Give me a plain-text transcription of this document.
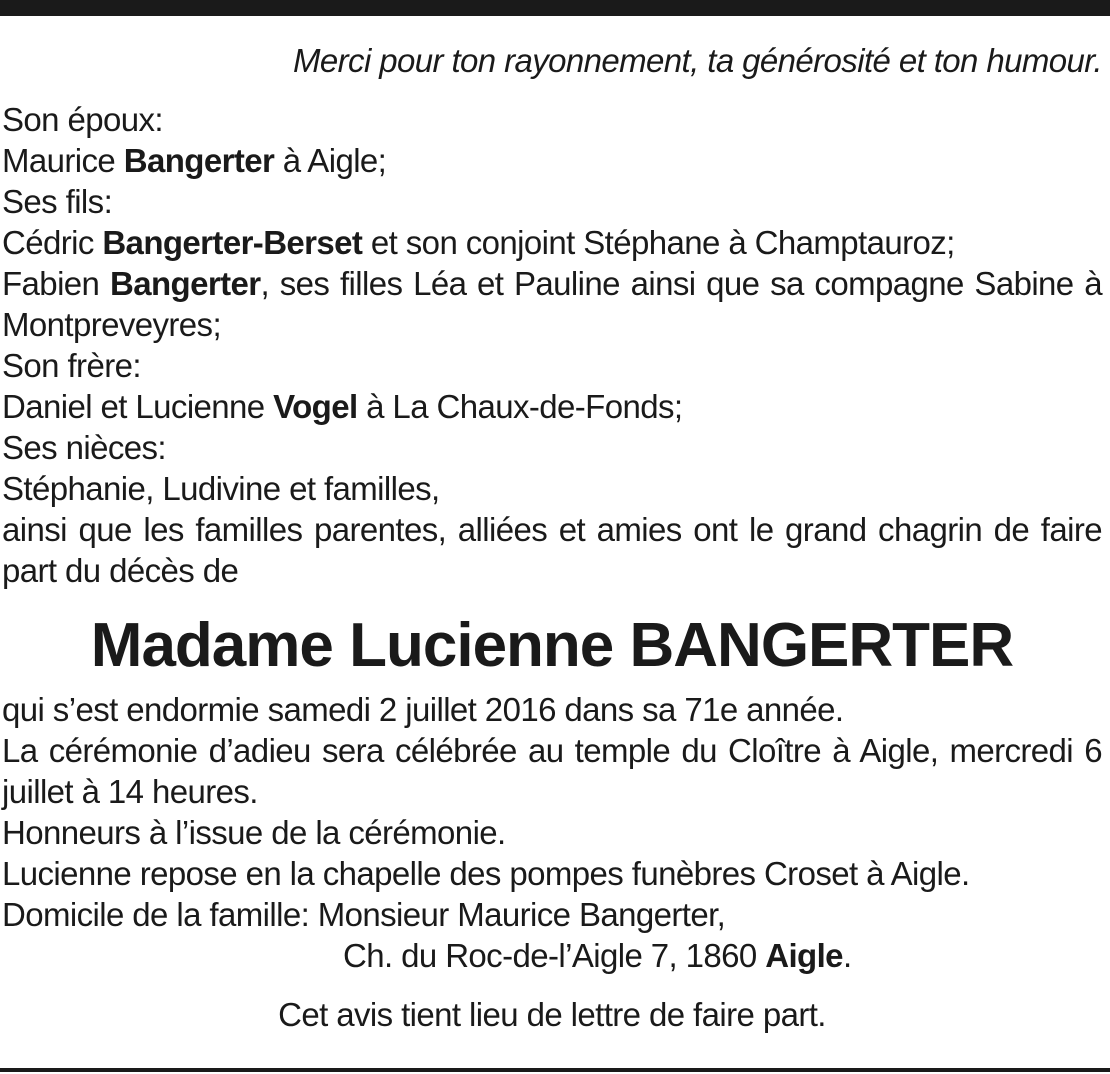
Merci pour ton rayonnement, ta générosité et ton humour.

Son époux:

Maurice Bangerter à Aigle;

Ses fils:

Cédric Bangerter-Berset et son conjoint Stéphane à Champtauroz;

Fabien Bangerter, ses filles Léa et Pauline ainsi que sa compagne Sabine à Montpreveyres;

Son frère:

Daniel et Lucienne Vogel à La Chaux-de-Fonds;

Ses nièces:

Stéphanie, Ludivine et familles,

ainsi que les familles parentes, alliées et amies ont le grand chagrin de faire part du décès de

Madame Lucienne BANGERTER

qui s’est endormie samedi 2 juillet 2016 dans sa 71e année.

La cérémonie d’adieu sera célébrée au temple du Cloître à Aigle, mercredi 6 juillet à 14 heures.

Honneurs à l’issue de la cérémonie.

Lucienne repose en la chapelle des pompes funèbres Croset à Aigle.

Domicile de la famille: Monsieur Maurice Bangerter,

Ch. du Roc-de-l’Aigle 7, 1860 Aigle.

Cet avis tient lieu de lettre de faire part.
